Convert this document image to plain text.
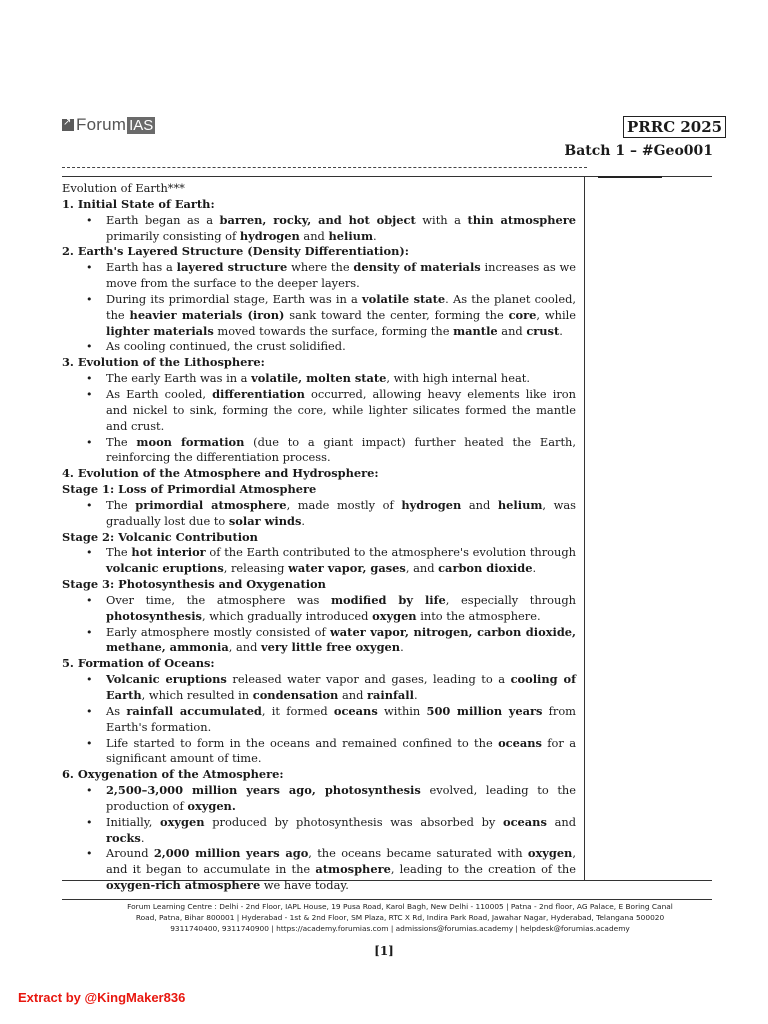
↗
Forum IAS	PRRC 2025
Batch 1 – #Geo001
Evolution of Earth***
1. Initial State of Earth:
• Earth began as a barren, rocky, and hot object with a thin atmosphere primarily consisting of hydrogen and helium.
2. Earth's Layered Structure (Density Differentiation):
• Earth has a layered structure where the density of materials increases as we move from the surface to the deeper layers.
• During its primordial stage, Earth was in a volatile state. As the planet cooled, the heavier materials (iron) sank toward the center, forming the core, while lighter materials moved towards the surface, forming the mantle and crust.
• As cooling continued, the crust solidified.
3. Evolution of the Lithosphere:
• The early Earth was in a volatile, molten state, with high internal heat.
• As Earth cooled, differentiation occurred, allowing heavy elements like iron and nickel to sink, forming the core, while lighter silicates formed the mantle and crust.
• The moon formation (due to a giant impact) further heated the Earth, reinforcing the differentiation process.
4. Evolution of the Atmosphere and Hydrosphere:
Stage 1: Loss of Primordial Atmosphere
• The primordial atmosphere, made mostly of hydrogen and helium, was gradually lost due to solar winds.
Stage 2: Volcanic Contribution
• The hot interior of the Earth contributed to the atmosphere's evolution through volcanic eruptions, releasing water vapor, gases, and carbon dioxide.
Stage 3: Photosynthesis and Oxygenation
• Over time, the atmosphere was modified by life, especially through photosynthesis, which gradually introduced oxygen into the atmosphere.
• Early atmosphere mostly consisted of water vapor, nitrogen, carbon dioxide, methane, ammonia, and very little free oxygen.
5. Formation of Oceans:
• Volcanic eruptions released water vapor and gases, leading to a cooling of Earth, which resulted in condensation and rainfall.
• As rainfall accumulated, it formed oceans within 500 million years from Earth's formation.
• Life started to form in the oceans and remained confined to the oceans for a significant amount of time.
6. Oxygenation of the Atmosphere:
• 2,500–3,000 million years ago, photosynthesis evolved, leading to the production of oxygen.
• Initially, oxygen produced by photosynthesis was absorbed by oceans and rocks.
• Around 2,000 million years ago, the oceans became saturated with oxygen, and it began to accumulate in the atmosphere, leading to the creation of the oxygen-rich atmosphere we have today.
Forum Learning Centre : Delhi - 2nd Floor, IAPL House, 19 Pusa Road, Karol Bagh, New Delhi - 110005 | Patna - 2nd floor, AG Palace, E Boring Canal
Road, Patna, Bihar 800001 | Hyderabad - 1st & 2nd Floor, SM Plaza, RTC X Rd, Indira Park Road, Jawahar Nagar, Hyderabad, Telangana 500020
9311740400, 9311740900 | https://academy.forumias.com | admissions@forumias.academy | helpdesk@forumias.academy
[1]
Extract by @KingMaker836
